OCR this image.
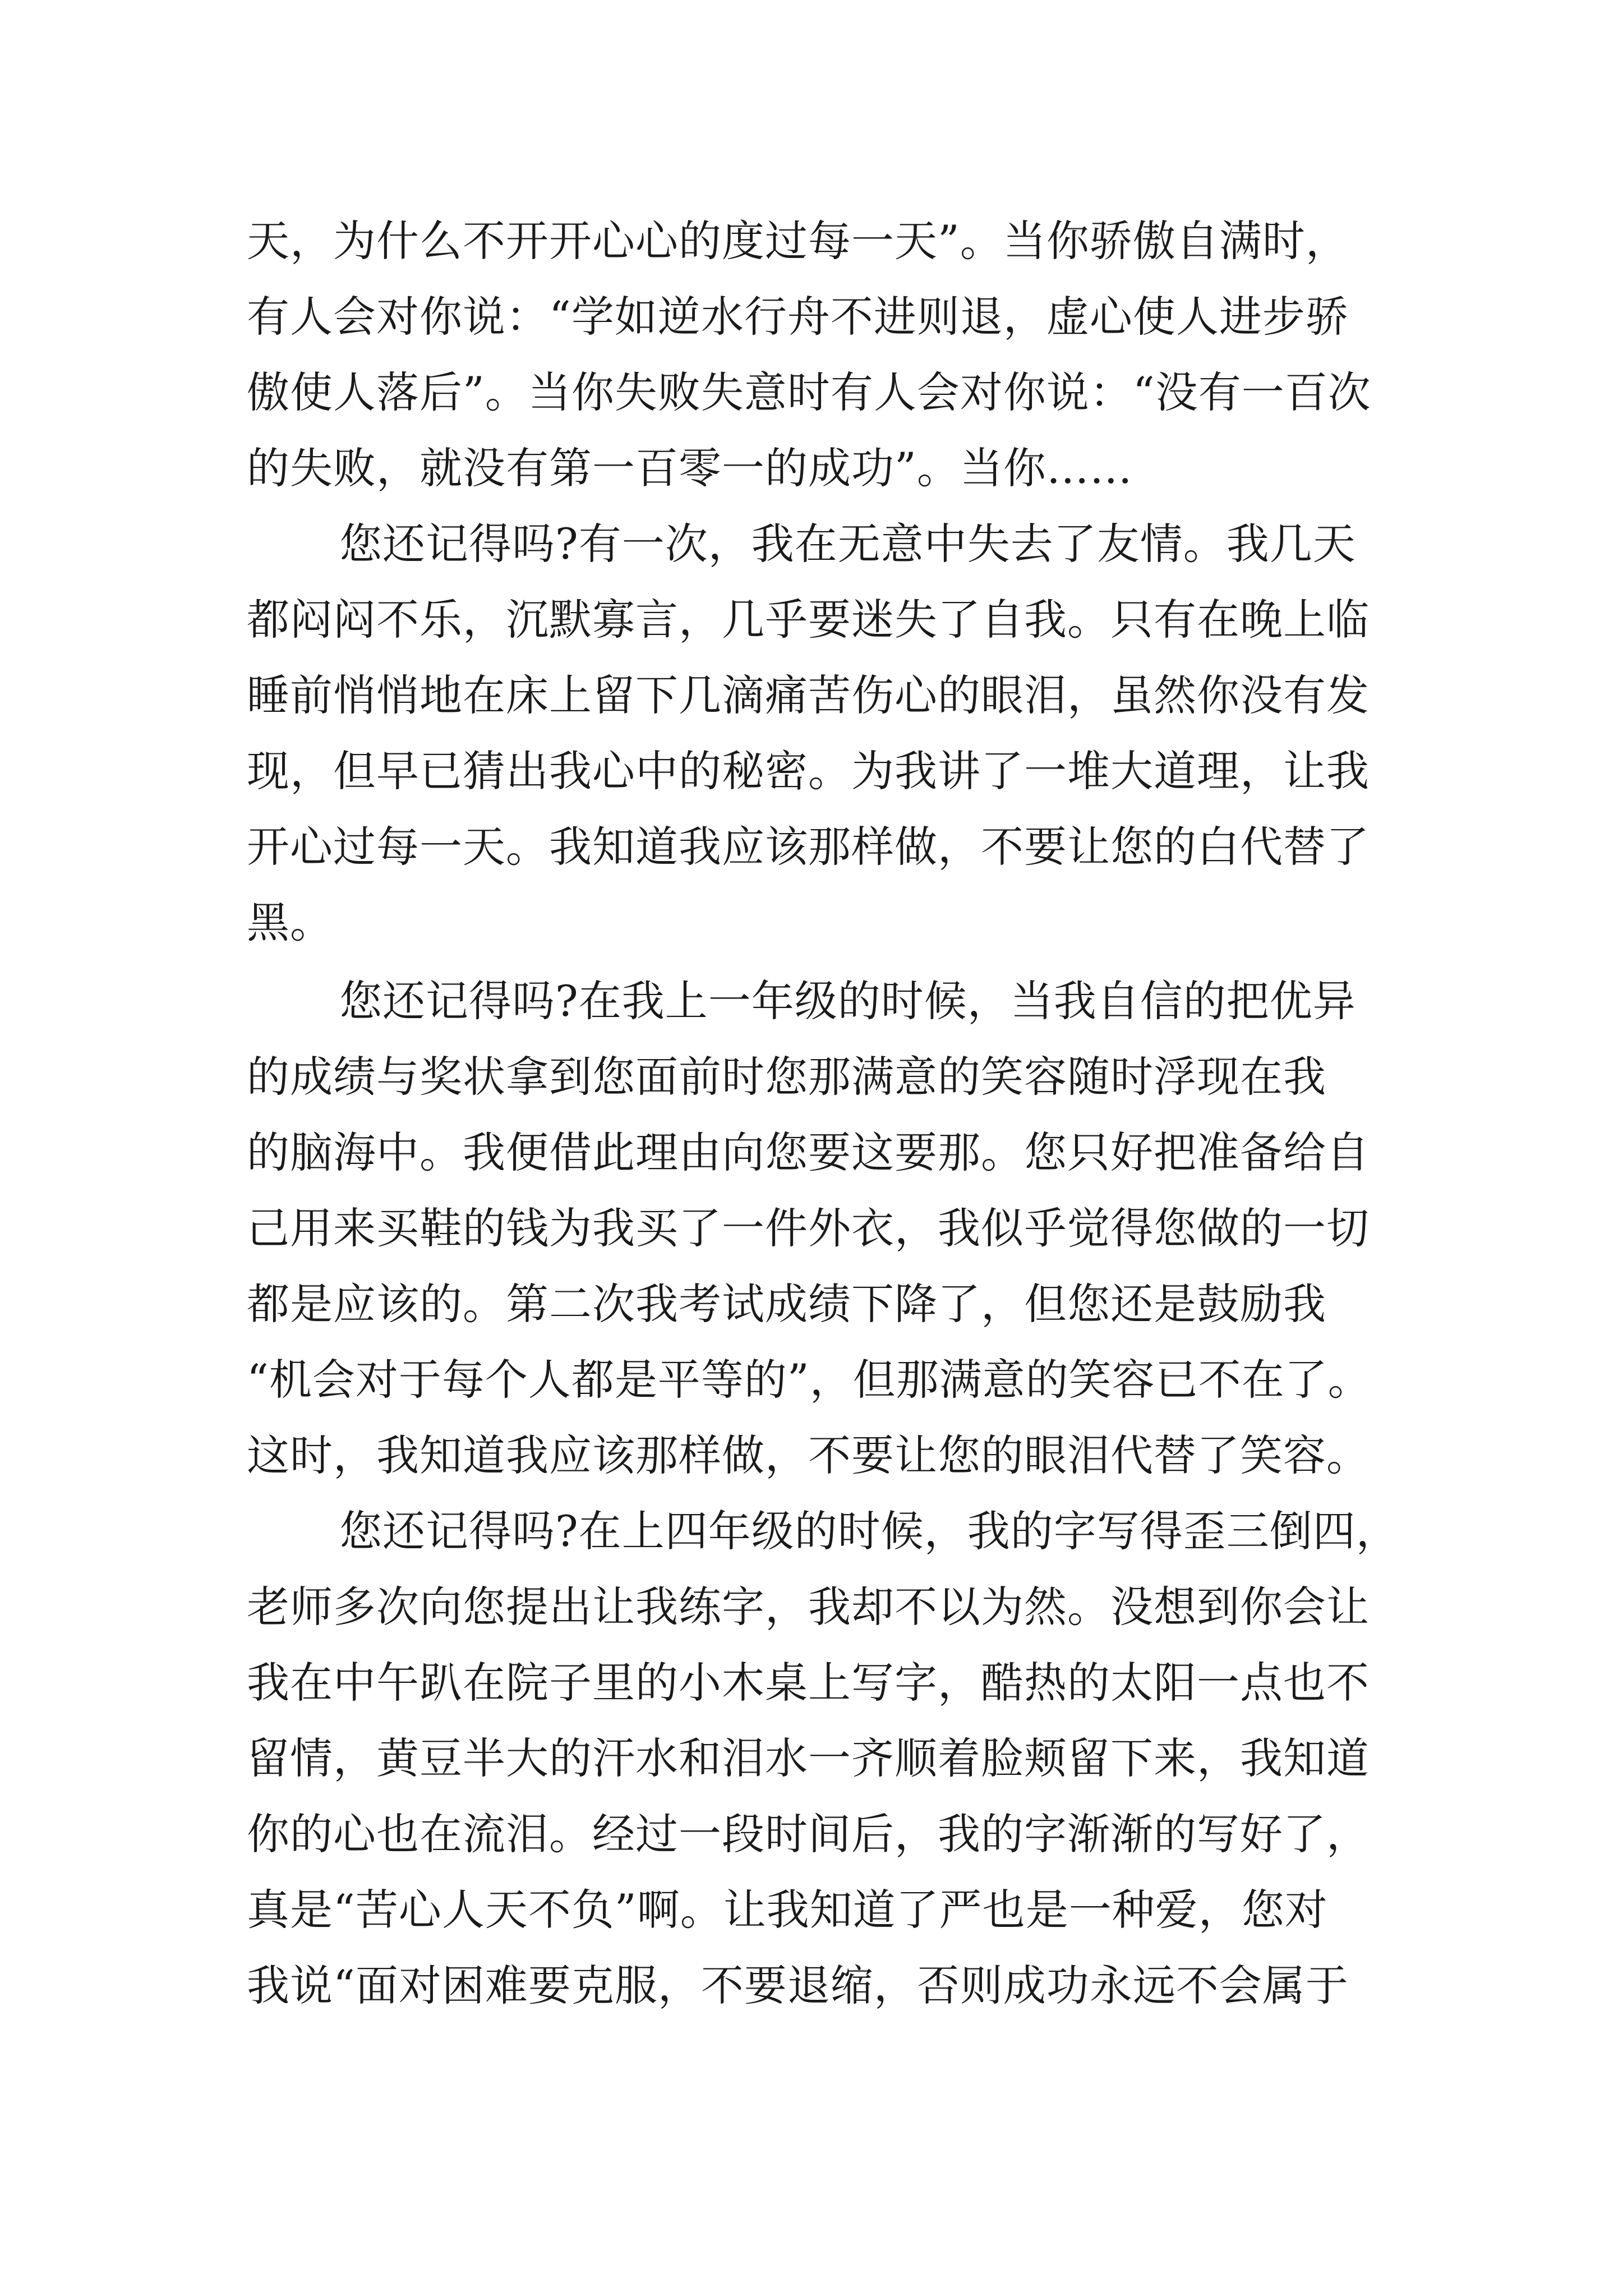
天，为什么不开开心心的度过每一天”。当你骄傲自满时，
有人会对你说：“学如逆水行舟不进则退，虚心使人进步骄
傲使人落后”。当你失败失意时有人会对你说：“没有一百次
的失败，就没有第一百零一的成功”。当你……
您还记得吗?有一次，我在无意中失去了友情。我几天
都闷闷不乐，沉默寡言，几乎要迷失了自我。只有在晚上临
睡前悄悄地在床上留下几滴痛苦伤心的眼泪，虽然你没有发
现，但早已猜出我心中的秘密。为我讲了一堆大道理，让我
开心过每一天。我知道我应该那样做，不要让您的白代替了
黑。
您还记得吗?在我上一年级的时候，当我自信的把优异
的成绩与奖状拿到您面前时您那满意的笑容随时浮现在我
的脑海中。我便借此理由向您要这要那。您只好把准备给自
己用来买鞋的钱为我买了一件外衣，我似乎觉得您做的一切
都是应该的。第二次我考试成绩下降了，但您还是鼓励我
“机会对于每个人都是平等的”，但那满意的笑容已不在了。
这时，我知道我应该那样做，不要让您的眼泪代替了笑容。
您还记得吗?在上四年级的时候，我的字写得歪三倒四，
老师多次向您提出让我练字，我却不以为然。没想到你会让
我在中午趴在院子里的小木桌上写字，酷热的太阳一点也不
留情，黄豆半大的汗水和泪水一齐顺着脸颊留下来，我知道
你的心也在流泪。经过一段时间后，我的字渐渐的写好了，
真是“苦心人天不负”啊。让我知道了严也是一种爱，您对
我说“面对困难要克服，不要退缩，否则成功永远不会属于
